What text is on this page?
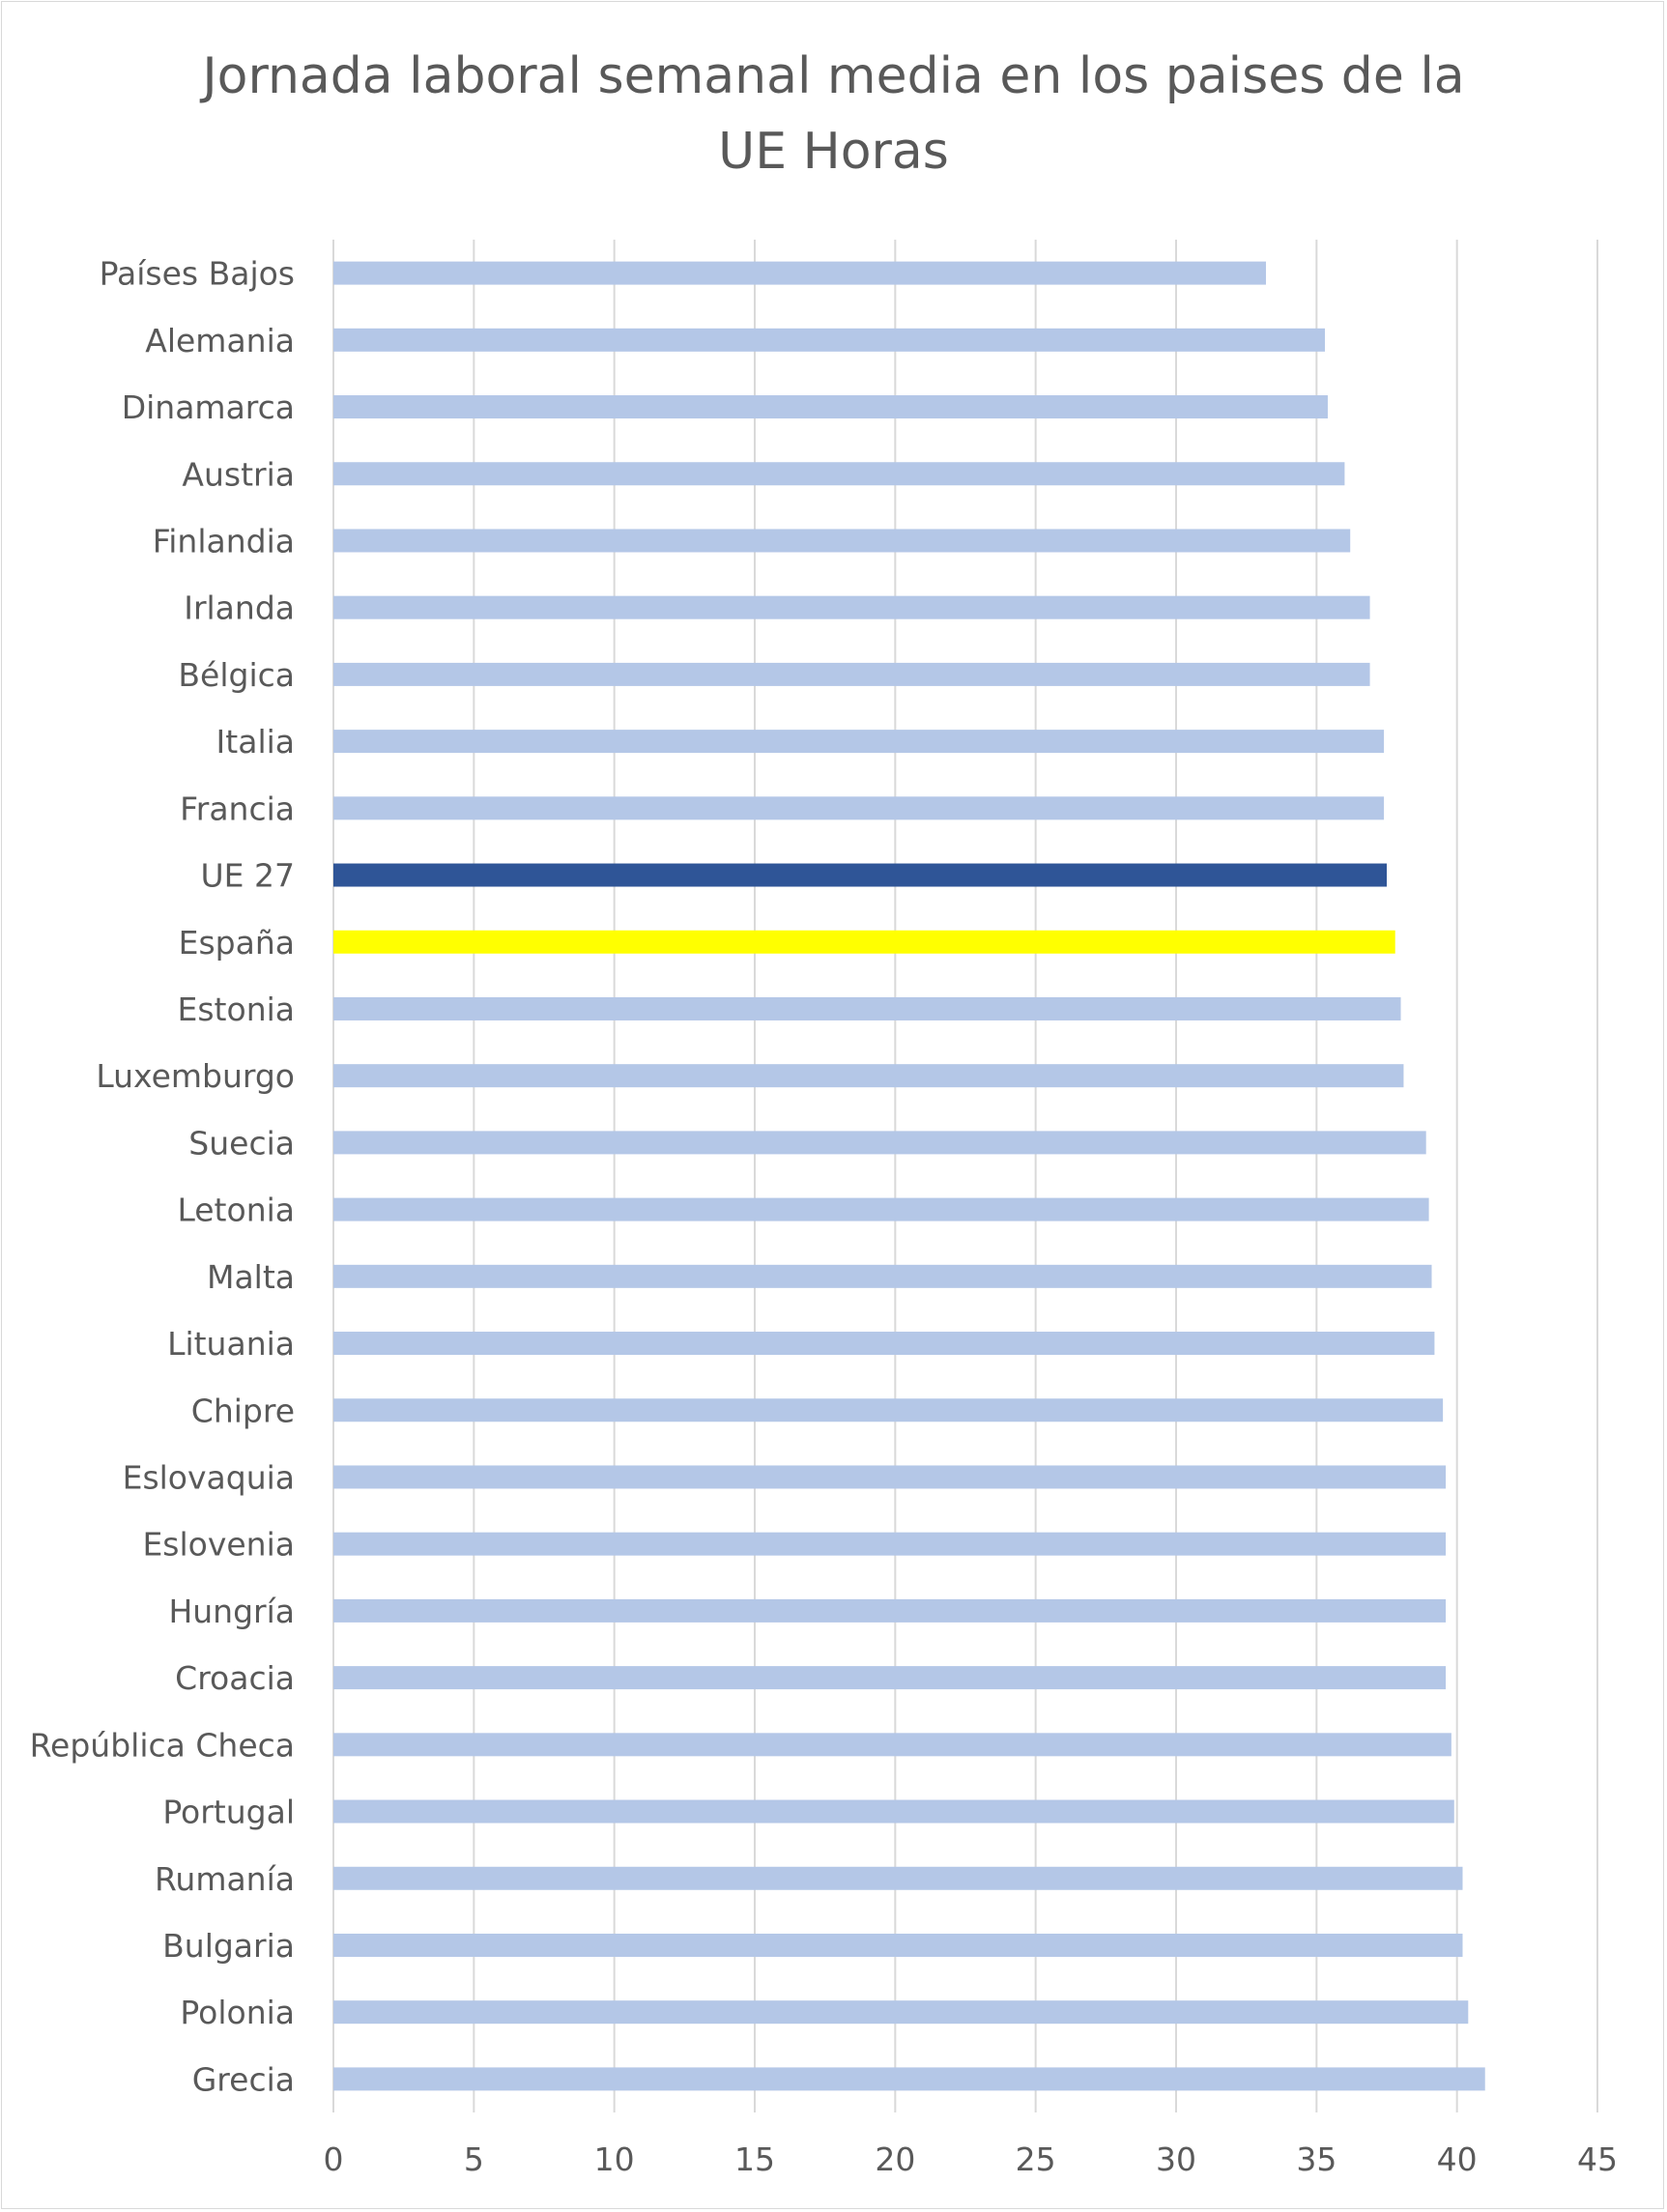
Jornada laboral semanal media en los paises de la
UE Horas
Países Bajos
Alemania
Dinamarca
Austria
Finlandia
Irlanda
Bélgica
Italia
Francia
UE 27
España
Estonia
Luxemburgo
Suecia
Letonia
Malta
Lituania
Chipre
Eslovaquia
Eslovenia
Hungría
Croacia
República Checa
Portugal
Rumanía
Bulgaria
Polonia
Grecia
0	5	10	15	20	25	30	35	40	45
